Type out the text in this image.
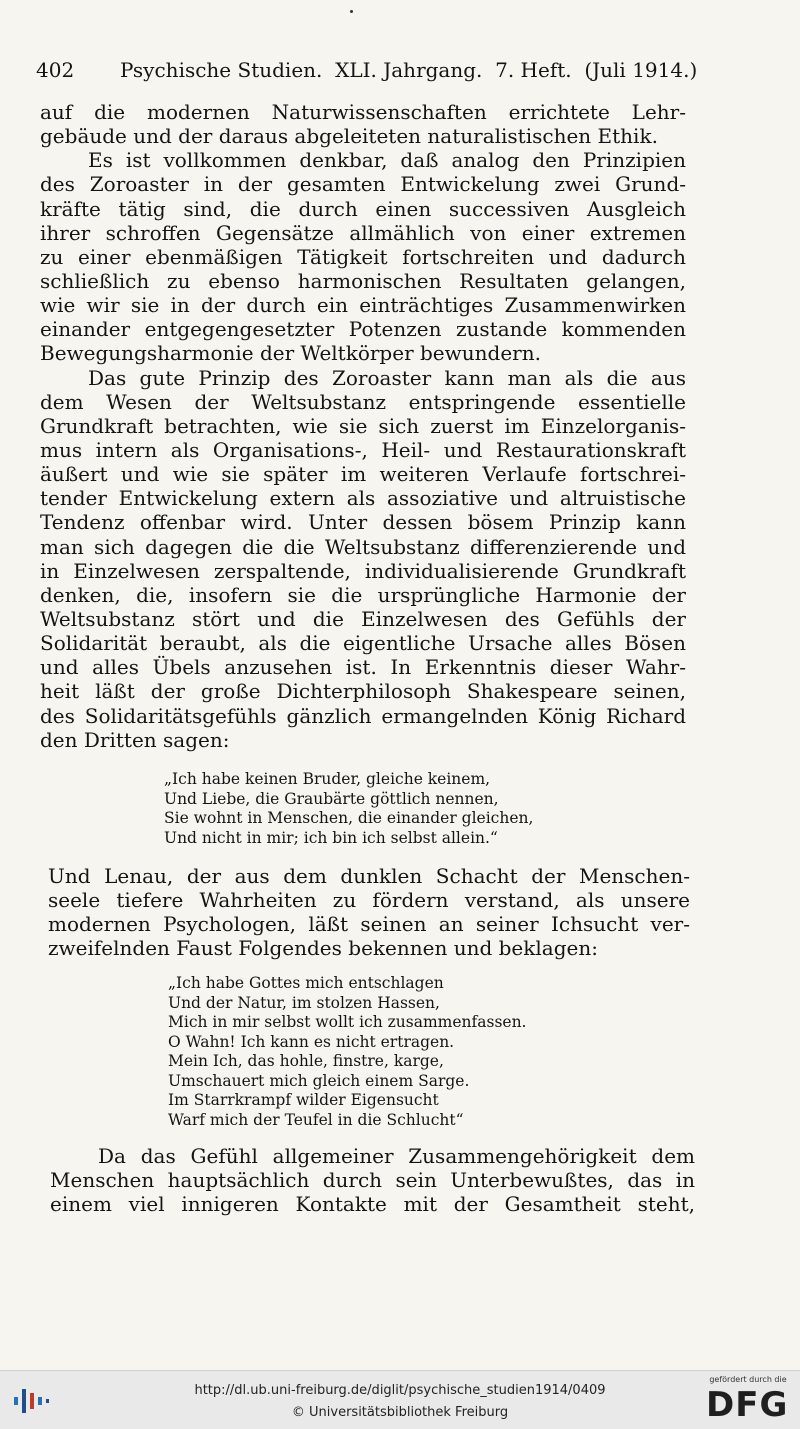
402

Psychische Studien.  XLI. Jahrgang.  7. Heft.  (Juli 1914.)

auf die modernen Naturwissenschaften errichtete Lehr-
gebäude und der daraus abgeleiteten naturalistischen Ethik.
Es ist vollkommen denkbar, daß analog den Prinzipien
des Zoroaster in der gesamten Entwickelung zwei Grund-
kräfte tätig sind, die durch einen successiven Ausgleich
ihrer schroffen Gegensätze allmählich von einer extremen
zu einer ebenmäßigen Tätigkeit fortschreiten und dadurch
schließlich zu ebenso harmonischen Resultaten gelangen,
wie wir sie in der durch ein einträchtiges Zusammenwirken
einander entgegengesetzter Potenzen zustande kommenden
Bewegungsharmonie der Weltkörper bewundern.
Das gute Prinzip des Zoroaster kann man als die aus
dem Wesen der Weltsubstanz entspringende essentielle
Grundkraft betrachten, wie sie sich zuerst im Einzelorganis-
mus intern als Organisations-, Heil- und Restaurationskraft
äußert und wie sie später im weiteren Verlaufe fortschrei-
tender Entwickelung extern als assoziative und altruistische
Tendenz offenbar wird. Unter dessen bösem Prinzip kann
man sich dagegen die die Weltsubstanz differenzierende und
in Einzelwesen zerspaltende, individualisierende Grundkraft
denken, die, insofern sie die ursprüngliche Harmonie der
Weltsubstanz stört und die Einzelwesen des Gefühls der
Solidarität beraubt, als die eigentliche Ursache alles Bösen
und alles Übels anzusehen ist. In Erkenntnis dieser Wahr-
heit läßt der große Dichterphilosoph Shakespeare seinen,
des Solidaritätsgefühls gänzlich ermangelnden König Richard
den Dritten sagen:
„Ich habe keinen Bruder, gleiche keinem,
Und Liebe, die Graubärte göttlich nennen,
Sie wohnt in Menschen, die einander gleichen,
Und nicht in mir; ich bin ich selbst allein.“
Und Lenau, der aus dem dunklen Schacht der Menschen-
seele tiefere Wahrheiten zu fördern verstand, als unsere
modernen Psychologen, läßt seinen an seiner Ichsucht ver-
zweifelnden Faust Folgendes bekennen und beklagen:
„Ich habe Gottes mich entschlagen
Und der Natur, im stolzen Hassen,
Mich in mir selbst wollt ich zusammenfassen.
O Wahn! Ich kann es nicht ertragen.
Mein Ich, das hohle, finstre, karge,
Umschauert mich gleich einem Sarge.
Im Starrkrampf wilder Eigensucht
Warf mich der Teufel in die Schlucht“
Da das Gefühl allgemeiner Zusammengehörigkeit dem
Menschen hauptsächlich durch sein Unterbewußtes, das in
einem viel innigeren Kontakte mit der Gesamtheit steht,
http://dl.ub.uni-freiburg.de/diglit/psychische_studien1914/0409
© Universitätsbibliothek Freiburg
gefördert durch die
DFG
